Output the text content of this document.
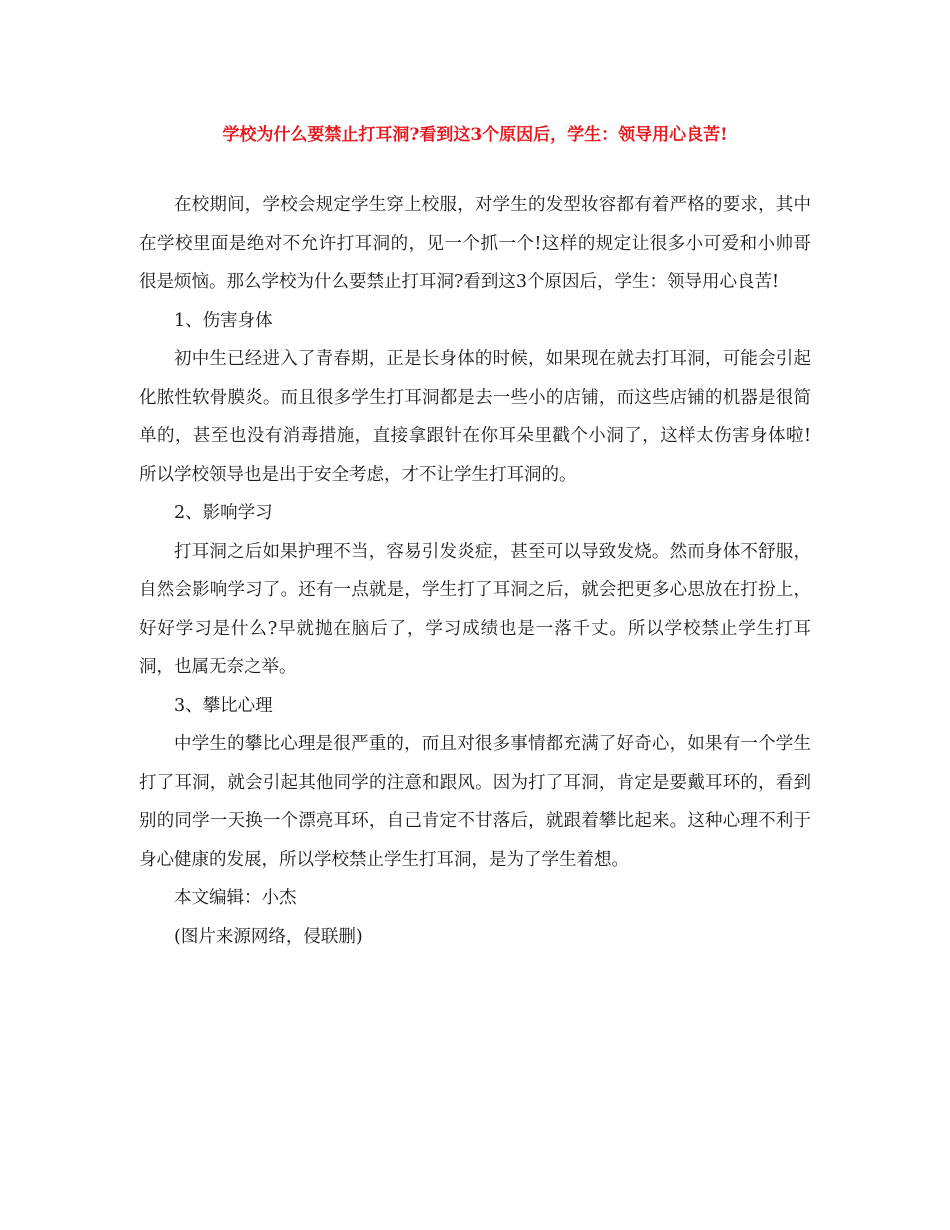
学校为什么要禁止打耳洞?看到这3个原因后，学生：领导用心良苦!

在校期间，学校会规定学生穿上校服，对学生的发型妆容都有着严格的要求，其中在学校里面是绝对不允许打耳洞的，见一个抓一个!这样的规定让很多小可爱和小帅哥很是烦恼。那么学校为什么要禁止打耳洞?看到这3个原因后，学生：领导用心良苦!

1、伤害身体

初中生已经进入了青春期，正是长身体的时候，如果现在就去打耳洞，可能会引起化脓性软骨膜炎。而且很多学生打耳洞都是去一些小的店铺，而这些店铺的机器是很简单的，甚至也没有消毒措施，直接拿跟针在你耳朵里戳个小洞了，这样太伤害身体啦!所以学校领导也是出于安全考虑，才不让学生打耳洞的。

2、影响学习

打耳洞之后如果护理不当，容易引发炎症，甚至可以导致发烧。然而身体不舒服，自然会影响学习了。还有一点就是，学生打了耳洞之后，就会把更多心思放在打扮上，好好学习是什么?早就抛在脑后了，学习成绩也是一落千丈。所以学校禁止学生打耳洞，也属无奈之举。

3、攀比心理

中学生的攀比心理是很严重的，而且对很多事情都充满了好奇心，如果有一个学生打了耳洞，就会引起其他同学的注意和跟风。因为打了耳洞，肯定是要戴耳环的，看到别的同学一天换一个漂亮耳环，自己肯定不甘落后，就跟着攀比起来。这种心理不利于身心健康的发展，所以学校禁止学生打耳洞，是为了学生着想。

本文编辑：小杰

(图片来源网络，侵联删)
